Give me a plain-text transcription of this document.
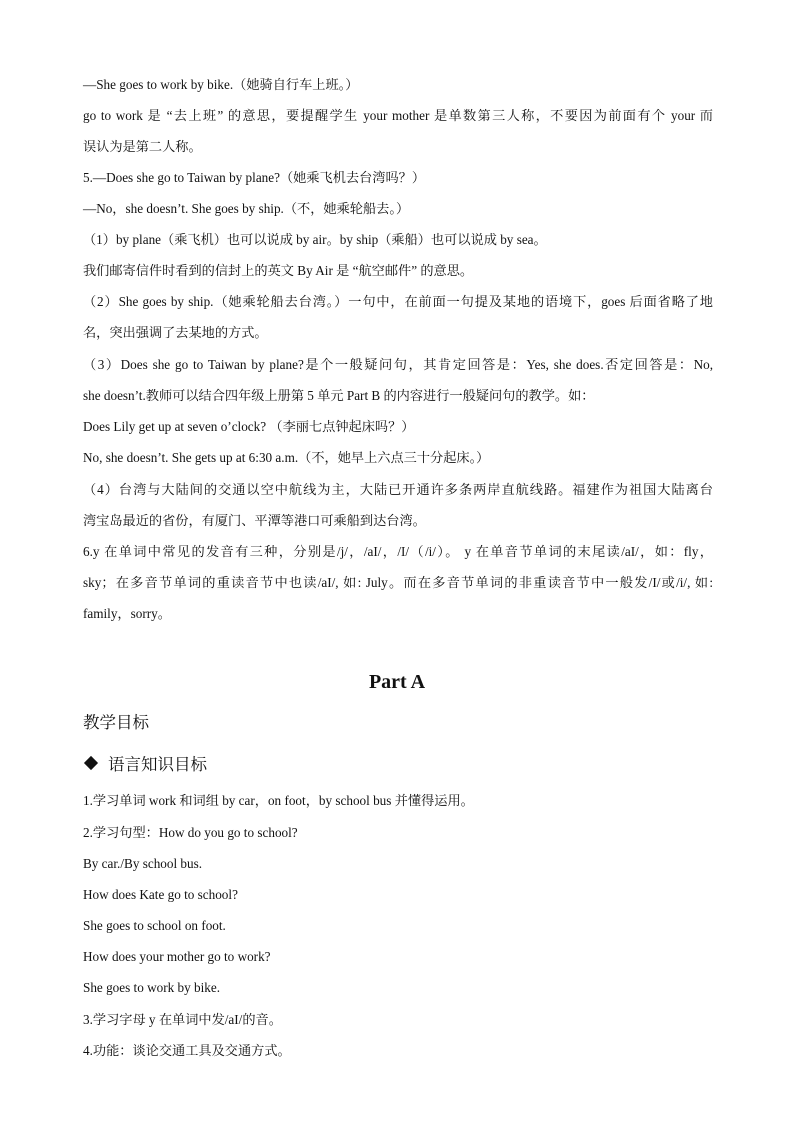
—She goes to work by bike.（她骑自行车上班。）
go to work 是 “去上班” 的意思，要提醒学生 your mother 是单数第三人称，不要因为前面有个 your 而
误认为是第二人称。
5.—Does she go to Taiwan by plane?（她乘飞机去台湾吗？）
—No，she doesn’t. She goes by ship.（不，她乘轮船去。）
（1）by plane（乘飞机）也可以说成 by air。by ship（乘船）也可以说成 by sea。
我们邮寄信件时看到的信封上的英文 By Air 是 “航空邮件” 的意思。
（2）She goes by ship.（她乘轮船去台湾。）一句中，在前面一句提及某地的语境下，goes 后面省略了地
名，突出强调了去某地的方式。
（3）Does she go to Taiwan by plane?是个一般疑问句，其肯定回答是：Yes, she does.否定回答是：No,
she doesn’t.教师可以结合四年级上册第 5 单元 Part B 的内容进行一般疑问句的教学。如：
Does Lily get up at seven o’clock? （李丽七点钟起床吗？）
No, she doesn’t. She gets up at 6:30 a.m.（不，她早上六点三十分起床。）
（4）台湾与大陆间的交通以空中航线为主，大陆已开通许多条两岸直航线路。福建作为祖国大陆离台
湾宝岛最近的省份，有厦门、平潭等港口可乘船到达台湾。
6.y 在单词中常见的发音有三种，分别是/j/，/aI/，/I/（/i/）。 y 在单音节单词的末尾读/aI/，如：fly，
sky；在多音节单词的重读音节中也读/aI/, 如: July。而在多音节单词的非重读音节中一般发/I/或/i/, 如:
family，sorry。
Part A
教学目标
语言知识目标
1.学习单词 work 和词组 by car，on foot，by school bus 并懂得运用。
2.学习句型：How do you go to school?
By car./By school bus.
How does Kate go to school?
She goes to school on foot.
How does your mother go to work?
She goes to work by bike.
3.学习字母 y 在单词中发/aI/的音。
4.功能：谈论交通工具及交通方式。
